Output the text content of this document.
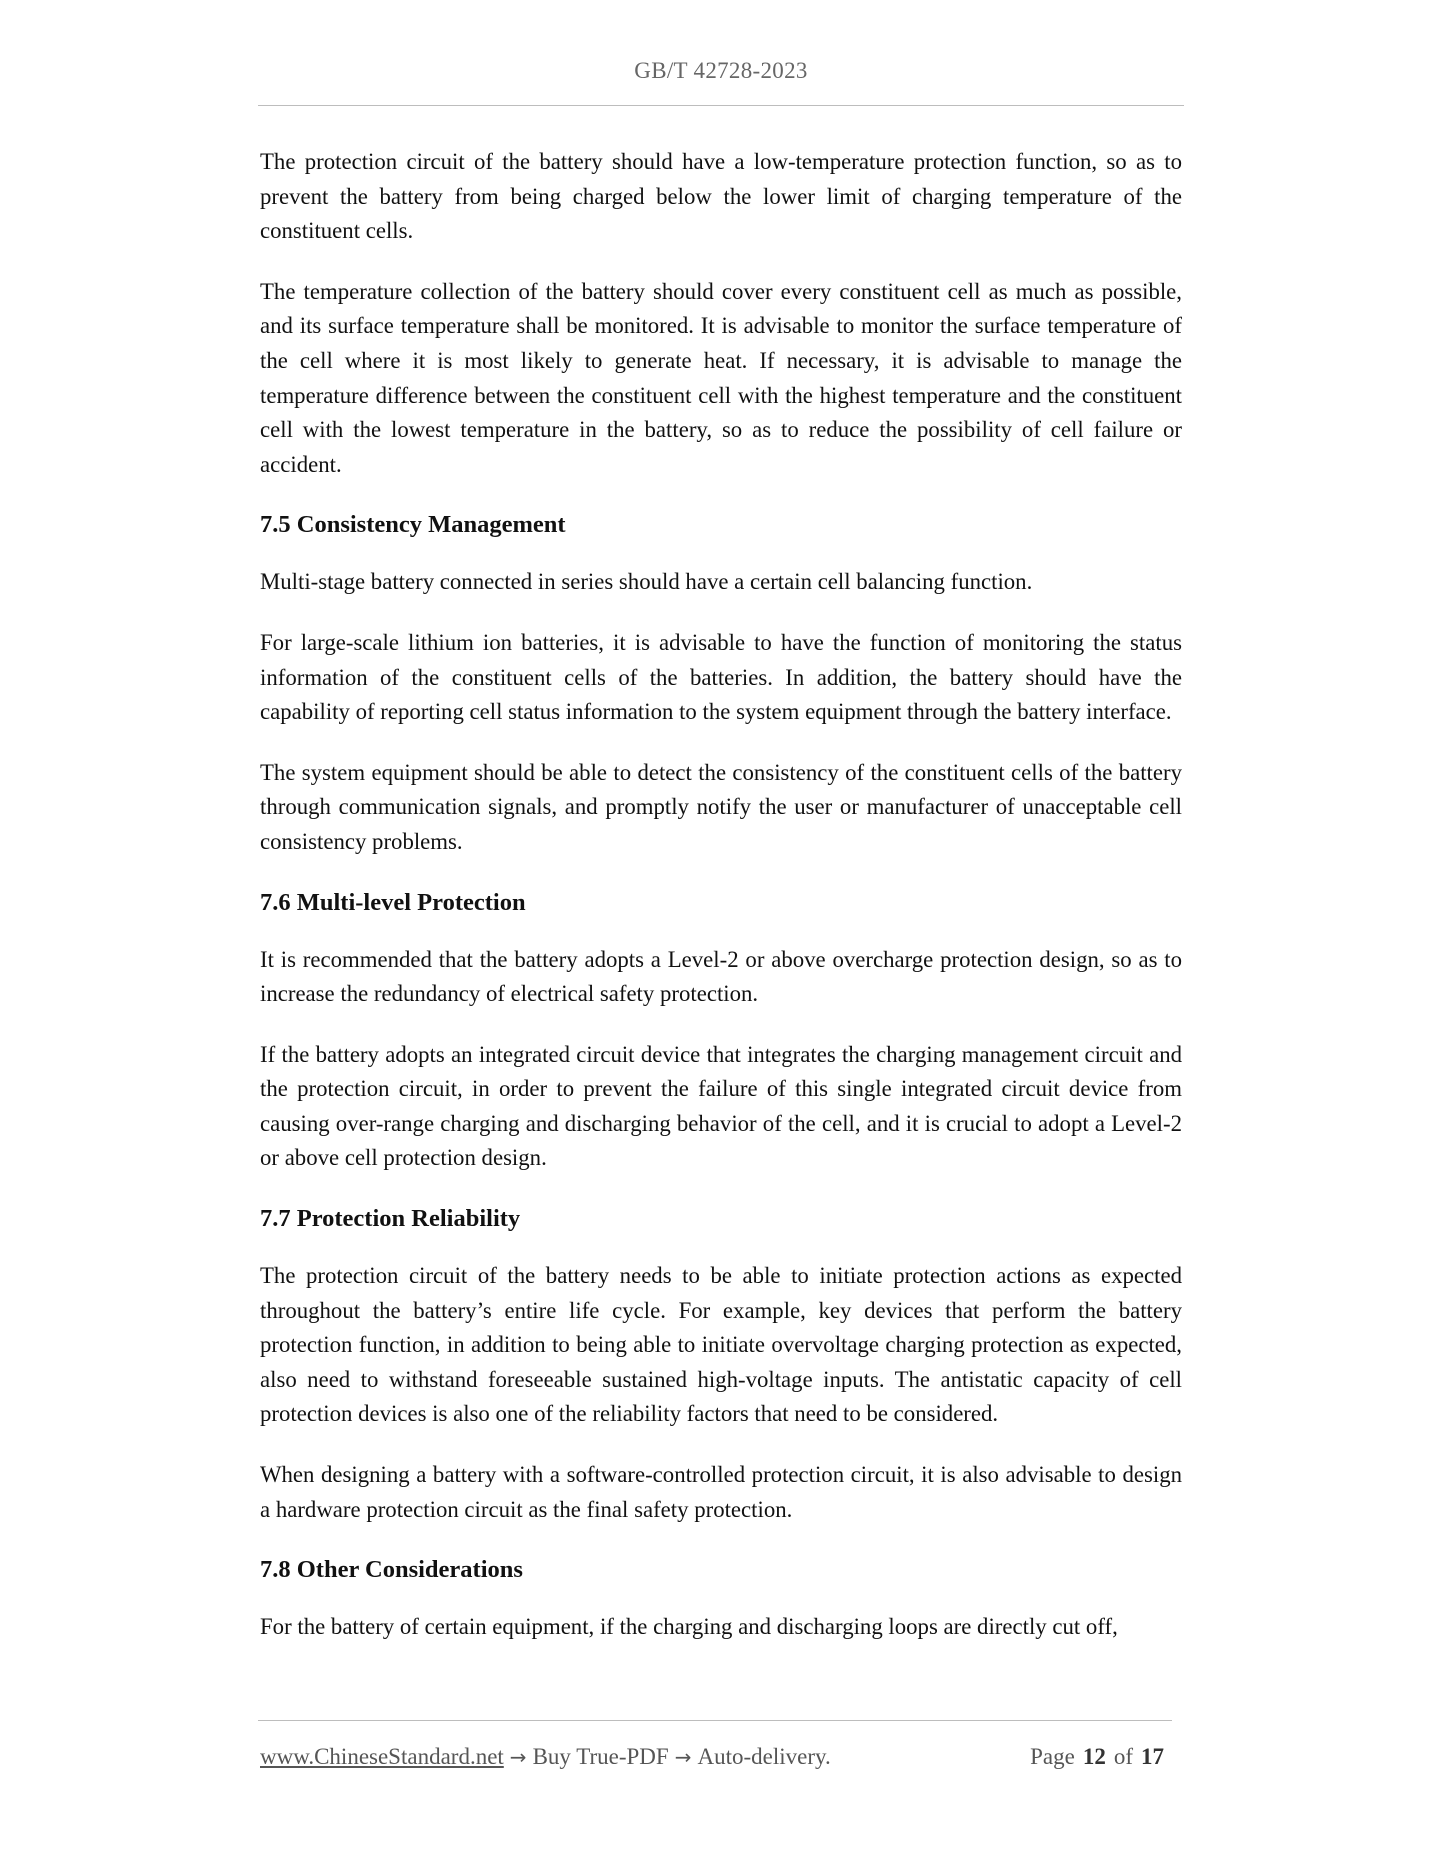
GB/T 42728-2023

The protection circuit of the battery should have a low-temperature protection function, so as to prevent the battery from being charged below the lower limit of charging temperature of the constituent cells.

The temperature collection of the battery should cover every constituent cell as much as possible, and its surface temperature shall be monitored. It is advisable to monitor the surface temperature of the cell where it is most likely to generate heat. If necessary, it is advisable to manage the temperature difference between the constituent cell with the highest temperature and the constituent cell with the lowest temperature in the battery, so as to reduce the possibility of cell failure or accident.

7.5 Consistency Management

Multi-stage battery connected in series should have a certain cell balancing function.

For large-scale lithium ion batteries, it is advisable to have the function of monitoring the status information of the constituent cells of the batteries. In addition, the battery should have the capability of reporting cell status information to the system equipment through the battery interface.

The system equipment should be able to detect the consistency of the constituent cells of the battery through communication signals, and promptly notify the user or manufacturer of unacceptable cell consistency problems.

7.6 Multi-level Protection

It is recommended that the battery adopts a Level-2 or above overcharge protection design, so as to increase the redundancy of electrical safety protection.

If the battery adopts an integrated circuit device that integrates the charging management circuit and the protection circuit, in order to prevent the failure of this single integrated circuit device from causing over-range charging and discharging behavior of the cell, and it is crucial to adopt a Level-2 or above cell protection design.

7.7 Protection Reliability

The protection circuit of the battery needs to be able to initiate protection actions as expected throughout the battery’s entire life cycle. For example, key devices that perform the battery protection function, in addition to being able to initiate overvoltage charging protection as expected, also need to withstand foreseeable sustained high-voltage inputs. The antistatic capacity of cell protection devices is also one of the reliability factors that need to be considered.

When designing a battery with a software-controlled protection circuit, it is also advisable to design a hardware protection circuit as the final safety protection.

7.8 Other Considerations

For the battery of certain equipment, if the charging and discharging loops are directly cut off,

www.ChineseStandard.net → Buy True-PDF → Auto-delivery.	Page 12 of 17
